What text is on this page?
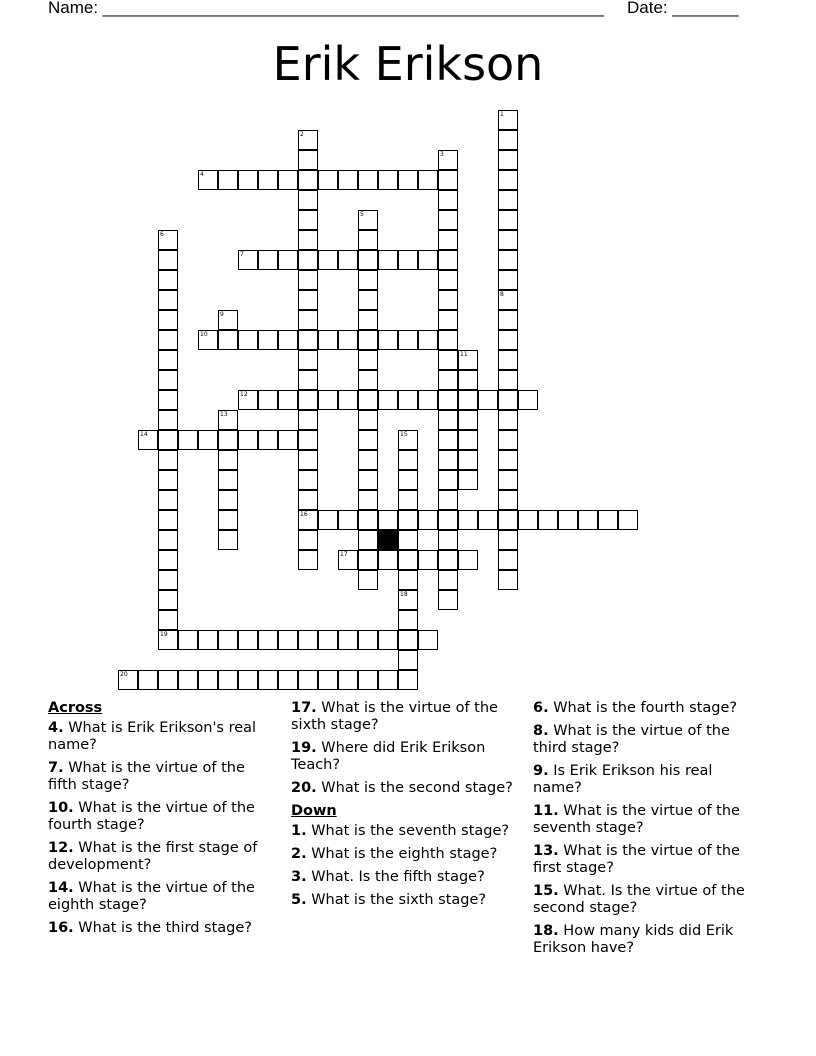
Name: _____________________________________________________ Date: _______
Erik Erikson
1
8
2
16
3
4
5
6
19
7
9
10
11
12
13
14	15
18
17
20
Across
4. What is Erik Erikson's real name?
7. What is the virtue of the fifth stage?
10. What is the virtue of the fourth stage?
12. What is the first stage of development?
14. What is the virtue of the eighth stage?
16. What is the third stage?
17. What is the virtue of the sixth stage?
19. Where did Erik Erikson Teach?
20. What is the second stage?
Down
1. What is the seventh stage?
2. What is the eighth stage?
3. What. Is the fifth stage?
5. What is the sixth stage?
6. What is the fourth stage?
8. What is the virtue of the third stage?
9. Is Erik Erikson his real name?
11. What is the virtue of the seventh stage?
13. What is the virtue of the first stage?
15. What. Is the virtue of the second stage?
18. How many kids did Erik Erikson have?
